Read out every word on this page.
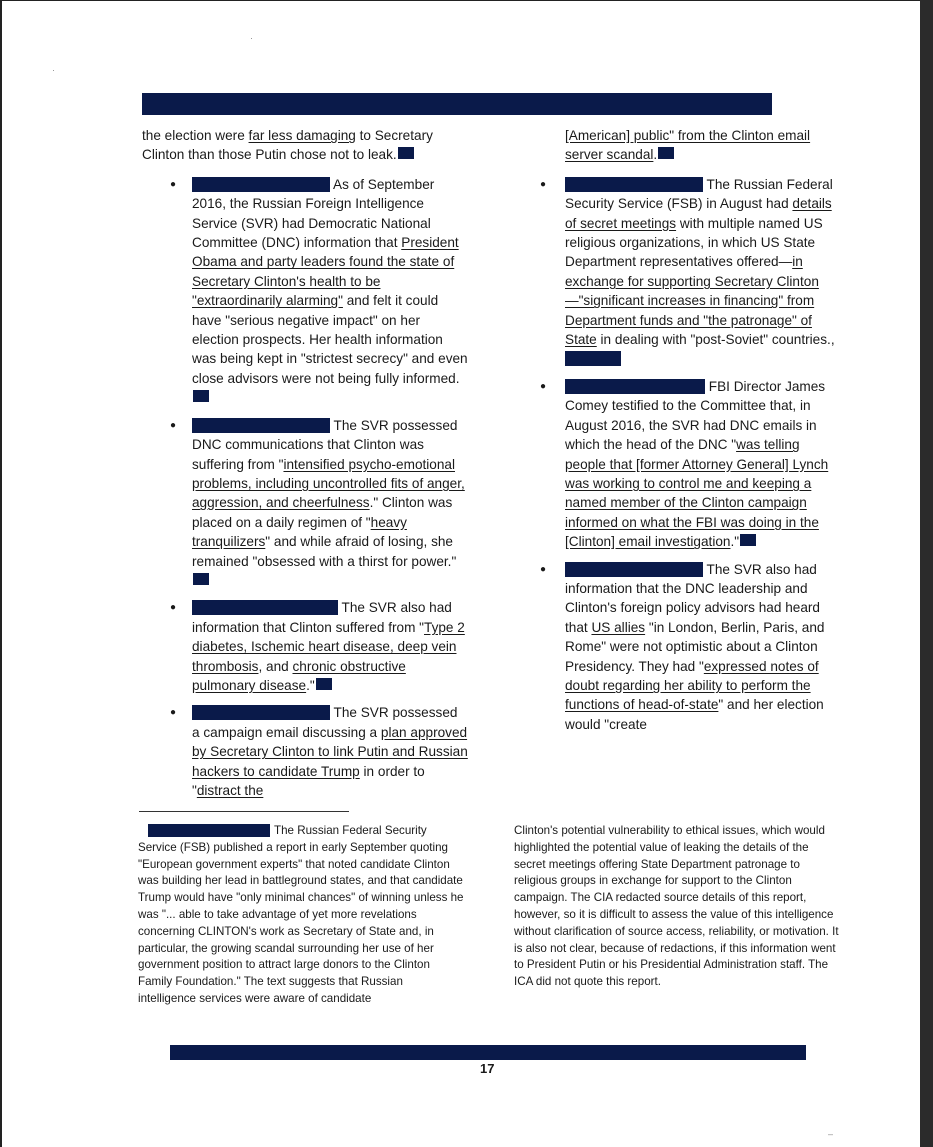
·
·

the election were far less damaging to Secretary Clinton than those Putin chose not to leak.

●	As of September 2016, the Russian Foreign Intelligence Service (SVR) had Democratic National Committee (DNC) information that President Obama and party leaders found the state of Secretary Clinton's health to be "extraordinarily alarming" and felt it could have "serious negative impact" on her election prospects. Her health information was being kept in "strictest secrecy" and even close advisors were not being fully informed.
●	The SVR possessed DNC communications that Clinton was suffering from "intensified psycho-emotional problems, including uncontrolled fits of anger, aggression, and cheerfulness." Clinton was placed on a daily regimen of "heavy tranquilizers" and while afraid of losing, she remained "obsessed with a thirst for power."
●	The SVR also had information that Clinton suffered from "Type 2 diabetes, Ischemic heart disease, deep vein thrombosis, and chronic obstructive pulmonary disease."
●	The SVR possessed a campaign email discussing a plan approved by Secretary Clinton to link Putin and Russian hackers to candidate Trump in order to "distract the

[American] public" from the Clinton email server scandal.

●	The Russian Federal Security Service (FSB) in August had details of secret meetings with multiple named US religious organizations, in which US State Department representatives offered—in exchange for supporting Secretary Clinton—"significant increases in financing" from Department funds and "the patronage" of State in dealing with "post-Soviet" countries.,
●	FBI Director James Comey testified to the Committee that, in August 2016, the SVR had DNC emails in which the head of the DNC "was telling people that [former Attorney General] Lynch was working to control me and keeping a named member of the Clinton campaign informed on what the FBI was doing in the [Clinton] email investigation."
●	The SVR also had information that the DNC leadership and Clinton's foreign policy advisors had heard that US allies "in London, Berlin, Paris, and Rome" were not optimistic about a Clinton Presidency. They had "expressed notes of doubt regarding her ability to perform the functions of head-of-state" and her election would "create

The Russian Federal Security Service (FSB) published a report in early September quoting "European government experts" that noted candidate Clinton was building her lead in battleground states, and that candidate Trump would have "only minimal chances" of winning unless he was "... able to take advantage of yet more revelations concerning CLINTON's work as Secretary of State and, in particular, the growing scandal surrounding her use of her government position to attract large donors to the Clinton Family Foundation." The text suggests that Russian intelligence services were aware of candidate

Clinton's potential vulnerability to ethical issues, which would highlighted the potential value of leaking the details of the secret meetings offering State Department patronage to religious groups in exchange for support to the Clinton campaign. The CIA redacted source details of this report, however, so it is difficult to assess the value of this intelligence without clarification of source access, reliability, or motivation. It is also not clear, because of redactions, if this information went to President Putin or his Presidential Administration staff. The ICA did not quote this report.

17
–
